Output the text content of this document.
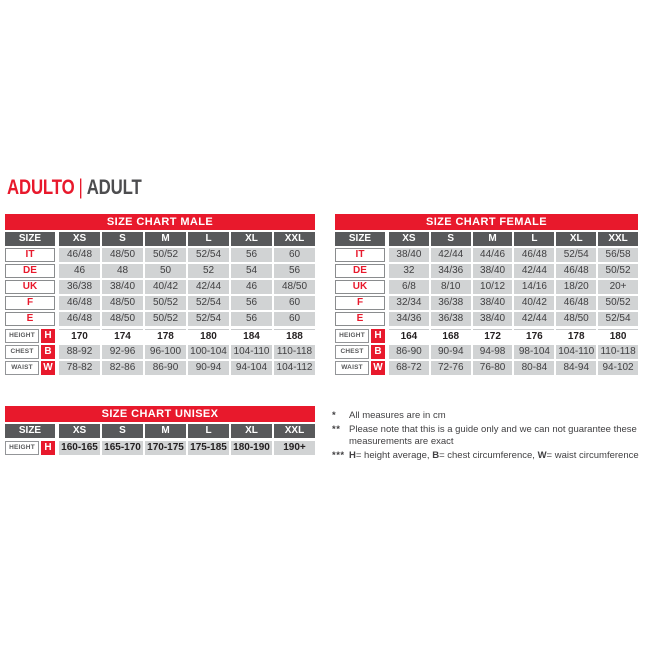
ADULTO | ADULT
SIZE CHART MALE
SIZE	XS	S	M	L	XL	XXL
IT	46/48	48/50	50/52	52/54	56	60
DE	46	48	50	52	54	56
UK	36/38	38/40	40/42	42/44	46	48/50
F	46/48	48/50	50/52	52/54	56	60
E	46/48	48/50	50/52	52/54	56	60
HEIGHT H	170	174	178	180	184	188
CHEST	B	88-92	92-96	96-100 100-104 104-110 110-118
WAIST	W	78-82	82-86	86-90	90-94	94-104 104-112
SIZE CHART FEMALE
SIZE	XS	S	M	L	XL	XXL
IT	38/40	42/44	44/46	46/48	52/54	56/58
DE	32	34/36	38/40	42/44	46/48	50/52
UK	6/8	8/10	10/12	14/16	18/20	20+
F	32/34	36/38	38/40	40/42	46/48	50/52
E	34/36	36/38	38/40	42/44	48/50	52/54
HEIGHT H	164	168	172	176	178	180
CHEST	B	86-90	90-94	94-98	98-104 104-110 110-118
WAIST	W	68-72	72-76	76-80	80-84	84-94	94-102
SIZE CHART UNISEX
SIZE	XS	S	M	L	XL	XXL
HEIGHT H 160-165 165-170 170-175 175-185 180-190	190+
*	All measures are in cm
** Please note that this is a guide only and we can not guarantee these measurements are exact
*** H= height average, B= chest circumference, W= waist circumference
